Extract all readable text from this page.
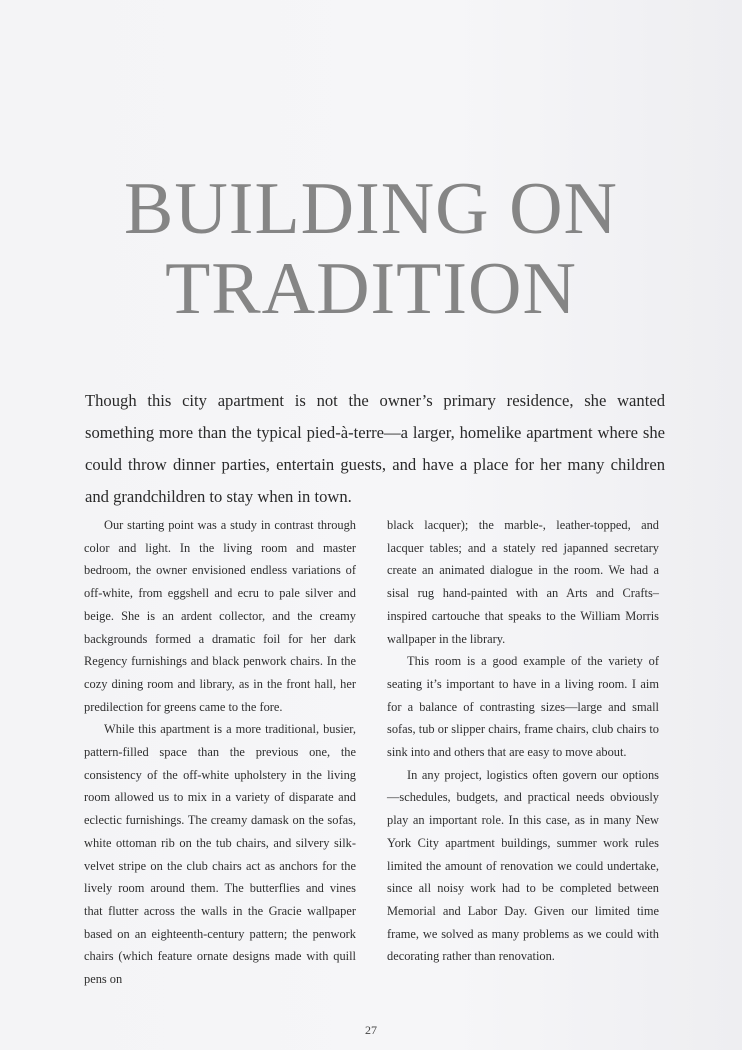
BUILDING ON
TRADITION

Though this city apartment is not the owner’s primary residence, she wanted something more than the typical pied-à-terre—a larger, homelike apartment where she could throw dinner parties, entertain guests, and have a place for her many children and grandchildren to stay when in town.

Our starting point was a study in contrast through color and light. In the living room and master bedroom, the owner envisioned endless variations of off-white, from eggshell and ecru to pale silver and beige. She is an ardent collector, and the creamy backgrounds formed a dramatic foil for her dark Regency furnishings and black penwork chairs. In the cozy dining room and library, as in the front hall, her predilection for greens came to the fore.

While this apartment is a more traditional, busier, pattern-filled space than the previous one, the consistency of the off-white upholstery in the living room allowed us to mix in a variety of disparate and eclectic furnishings. The creamy damask on the sofas, white ottoman rib on the tub chairs, and silvery silk-velvet stripe on the club chairs act as anchors for the lively room around them. The butterflies and vines that flutter across the walls in the Gracie wallpaper based on an eighteenth-century pattern; the penwork chairs (which feature ornate designs made with quill pens on

black lacquer); the marble-, leather-topped, and lacquer tables; and a stately red japanned secretary create an animated dialogue in the room. We had a sisal rug hand-painted with an Arts and Crafts–inspired cartouche that speaks to the William Morris wallpaper in the library.

This room is a good example of the variety of seating it’s important to have in a living room. I aim for a balance of contrasting sizes—large and small sofas, tub or slipper chairs, frame chairs, club chairs to sink into and others that are easy to move about.

In any project, logistics often govern our options—schedules, budgets, and practical needs obviously play an important role. In this case, as in many New York City apartment buildings, summer work rules limited the amount of renovation we could undertake, since all noisy work had to be completed between Memorial and Labor Day. Given our limited time frame, we solved as many problems as we could with decorating rather than renovation.

27
